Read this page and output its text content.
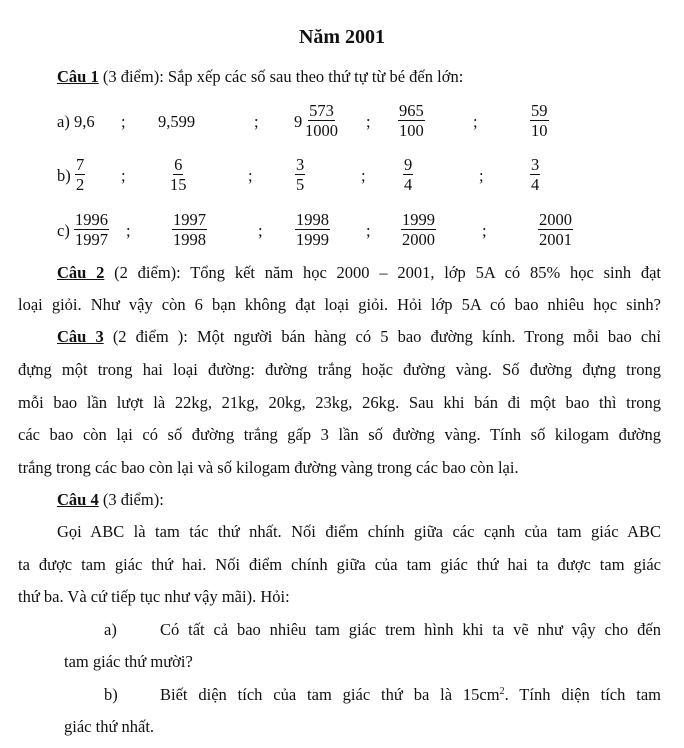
Năm 2001
Câu 1 (3 điểm): Sắp xếp các số sau theo thứ tự từ bé đến lớn:
a) 9,6 ; 9,599	; $9 \frac{573}{1000}$ ; $\frac{965}{100}$	;	$\frac{59}{10}$
$b) \frac{7}{2}$ ;	$\frac{6}{15}$	;	$\frac{3}{5}$	; $\frac{9}{4}$	;	$\frac{3}{4}$
$c) \frac{1996}{1997}$ ;	$\frac{1997}{1998}$	; $\frac{1998}{1999}$ ; $\frac{1999}{2000}$	;	$\frac{2000}{2001}$
Câu 2 (2 điểm): Tổng kết năm học 2000 – 2001, lớp 5A có 85% học sinh đạt
loại giỏi. Như vậy còn 6 bạn không đạt loại giỏi. Hỏi lớp 5A có bao nhiêu học sinh?
Câu 3 (2 điểm ): Một người bán hàng có 5 bao đường kính. Trong mỗi bao chỉ
đựng một trong hai loại đường: đường trắng hoặc đường vàng. Số đường đựng trong
mỗi bao lần lượt là 22kg, 21kg, 20kg, 23kg, 26kg. Sau khi bán đi một bao thì trong
các bao còn lại có số đường trắng gấp 3 lần số đường vàng. Tính số kilogam đường
trắng trong các bao còn lại và số kilogam đường vàng trong các bao còn lại.
Câu 4 (3 điểm):
Gọi ABC là tam tác thứ nhất. Nối điểm chính giữa các cạnh của tam giác ABC
ta được tam giác thứ hai. Nối điểm chính giữa của tam giác thứ hai ta được tam giác
thứ ba. Và cứ tiếp tục như vậy mãi). Hỏi:
a)	Có tất cả bao nhiêu tam giác trem hình khi ta vẽ như vậy cho đến
tam giác thứ mười?
b)	Biết diện tích của tam giác thứ ba là $15cm^2$. Tính diện tích tam
giác thứ nhất.
